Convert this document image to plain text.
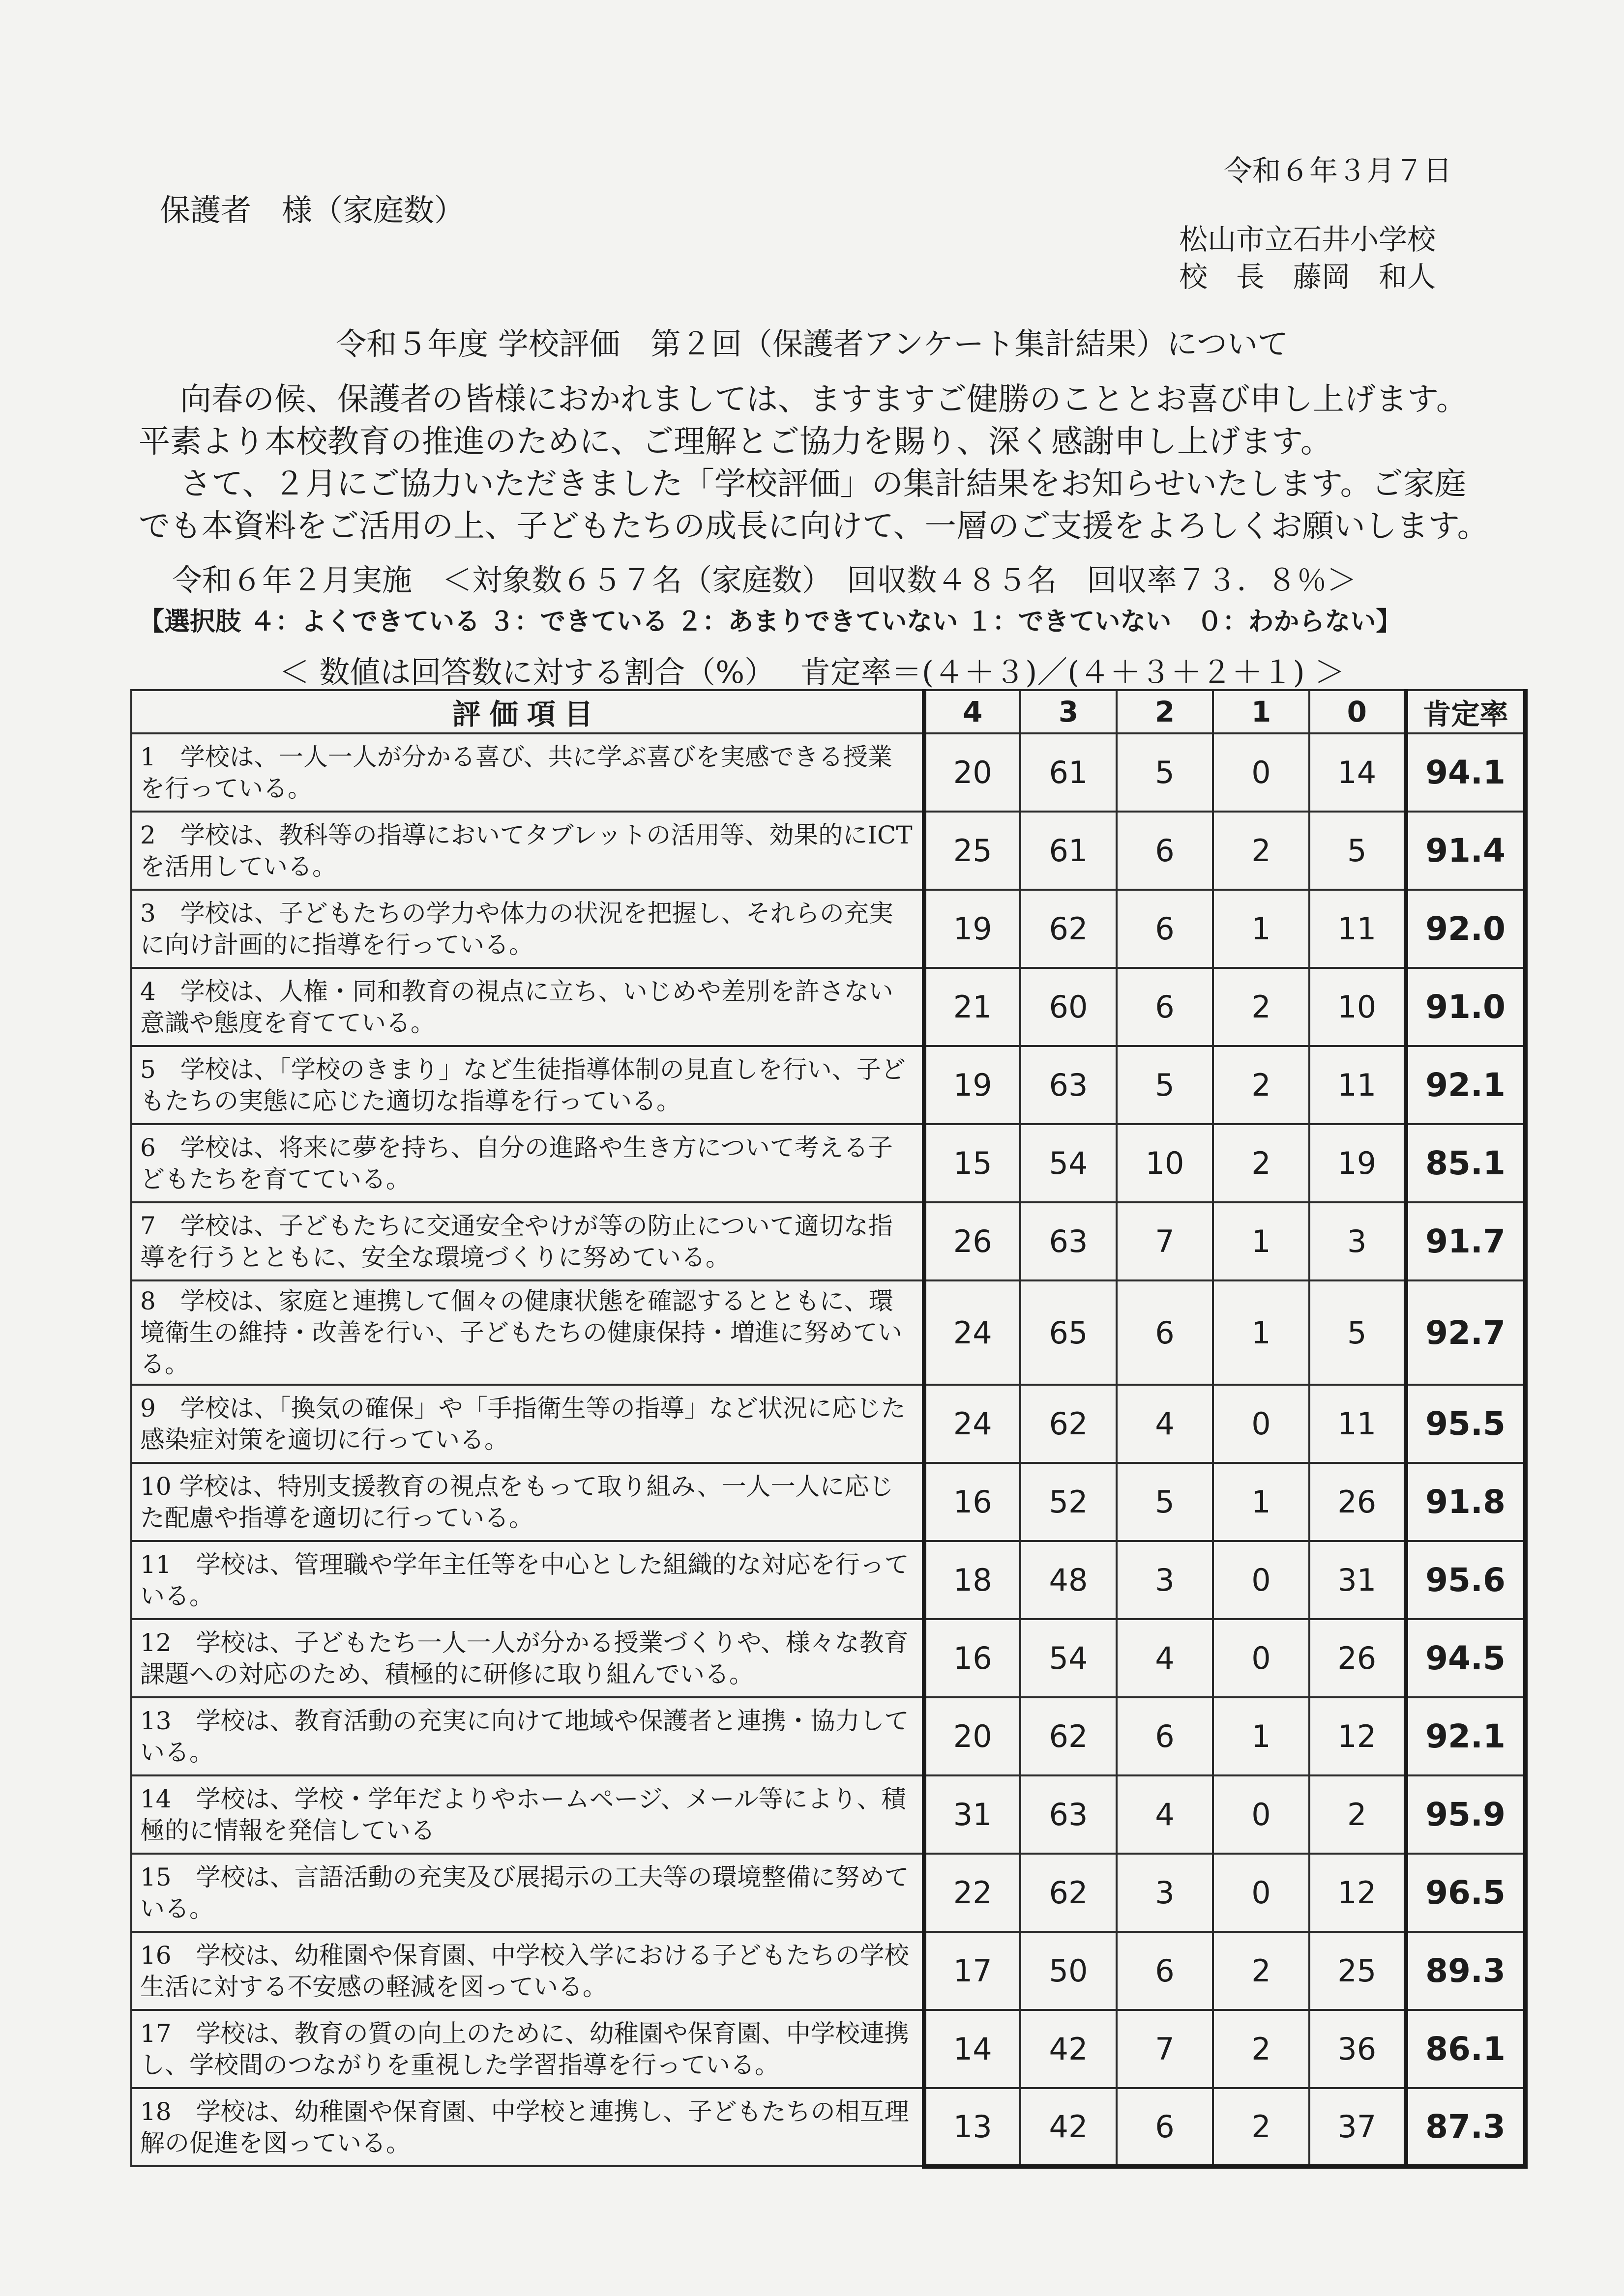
令和６年３月７日
保護者　様（家庭数）
松山市立石井小学校
校　長　藤岡　和人
令和５年度 学校評価　第２回（保護者アンケート集計結果）について
向春の候、保護者の皆様におかれましては、ますますご健勝のこととお喜び申し上げます。平素より本校教育の推進のために、ご理解とご協力を賜り、深く感謝申し上げます。
さて、２月にご協力いただきました「学校評価」の集計結果をお知らせいたします。ご家庭でも本資料をご活用の上、子どもたちの成長に向けて、一層のご支援をよろしくお願いします。
令和６年２月実施　＜対象数６５７名（家庭数）　回収数４８５名　回収率７３．８％＞
【選択肢 ４：よくできている ３：できている ２：あまりできていない １：できていない　０：わからない】
＜ 数値は回答数に対する割合（%）　 肯定率＝(４＋３)／(４＋３＋２＋１) ＞
評価項目	4	3	2	1	0	肯定率
1　学校は、一人一人が分かる喜び、共に学ぶ喜びを実感できる授業を行っている。	20	61	5	0	14	94.1
2　学校は、教科等の指導においてタブレットの活用等、効果的にICTを活用している。	25	61	6	2	5	91.4
3　学校は、子どもたちの学力や体力の状況を把握し、それらの充実に向け計画的に指導を行っている。	19	62	6	1	11	92.0
4　学校は、人権・同和教育の視点に立ち、いじめや差別を許さない意識や態度を育てている。	21	60	6	2	10	91.0
5　学校は、「学校のきまり」など生徒指導体制の見直しを行い、子どもたちの実態に応じた適切な指導を行っている。	19	63	5	2	11	92.1
6　学校は、将来に夢を持ち、自分の進路や生き方について考える子どもたちを育てている。	15	54	10	2	19	85.1
7　学校は、子どもたちに交通安全やけが等の防止について適切な指導を行うとともに、安全な環境づくりに努めている。	26	63	7	1	3	91.7
8　学校は、家庭と連携して個々の健康状態を確認するとともに、環境衛生の維持・改善を行い、子どもたちの健康保持・増進に努めている。	24	65	6	1	5	92.7
9　学校は、「換気の確保」や「手指衛生等の指導」など状況に応じた感染症対策を適切に行っている。	24	62	4	0	11	95.5
10 学校は、特別支援教育の視点をもって取り組み、一人一人に応じた配慮や指導を適切に行っている。	16	52	5	1	26	91.8
11　学校は、管理職や学年主任等を中心とした組織的な対応を行っている。	18	48	3	0	31	95.6
12　学校は、子どもたち一人一人が分かる授業づくりや、様々な教育課題への対応のため、積極的に研修に取り組んでいる。	16	54	4	0	26	94.5
13　学校は、教育活動の充実に向けて地域や保護者と連携・協力している。	20	62	6	1	12	92.1
14　学校は、学校・学年だよりやホームページ、メール等により、積極的に情報を発信している	31	63	4	0	2	95.9
15　学校は、言語活動の充実及び展掲示の工夫等の環境整備に努めている。	22	62	3	0	12	96.5
16　学校は、幼稚園や保育園、中学校入学における子どもたちの学校生活に対する不安感の軽減を図っている。	17	50	6	2	25	89.3
17　学校は、教育の質の向上のために、幼稚園や保育園、中学校連携し、学校間のつながりを重視した学習指導を行っている。	14	42	7	2	36	86.1
18　学校は、幼稚園や保育園、中学校と連携し、子どもたちの相互理解の促進を図っている。	13	42	6	2	37	87.3
